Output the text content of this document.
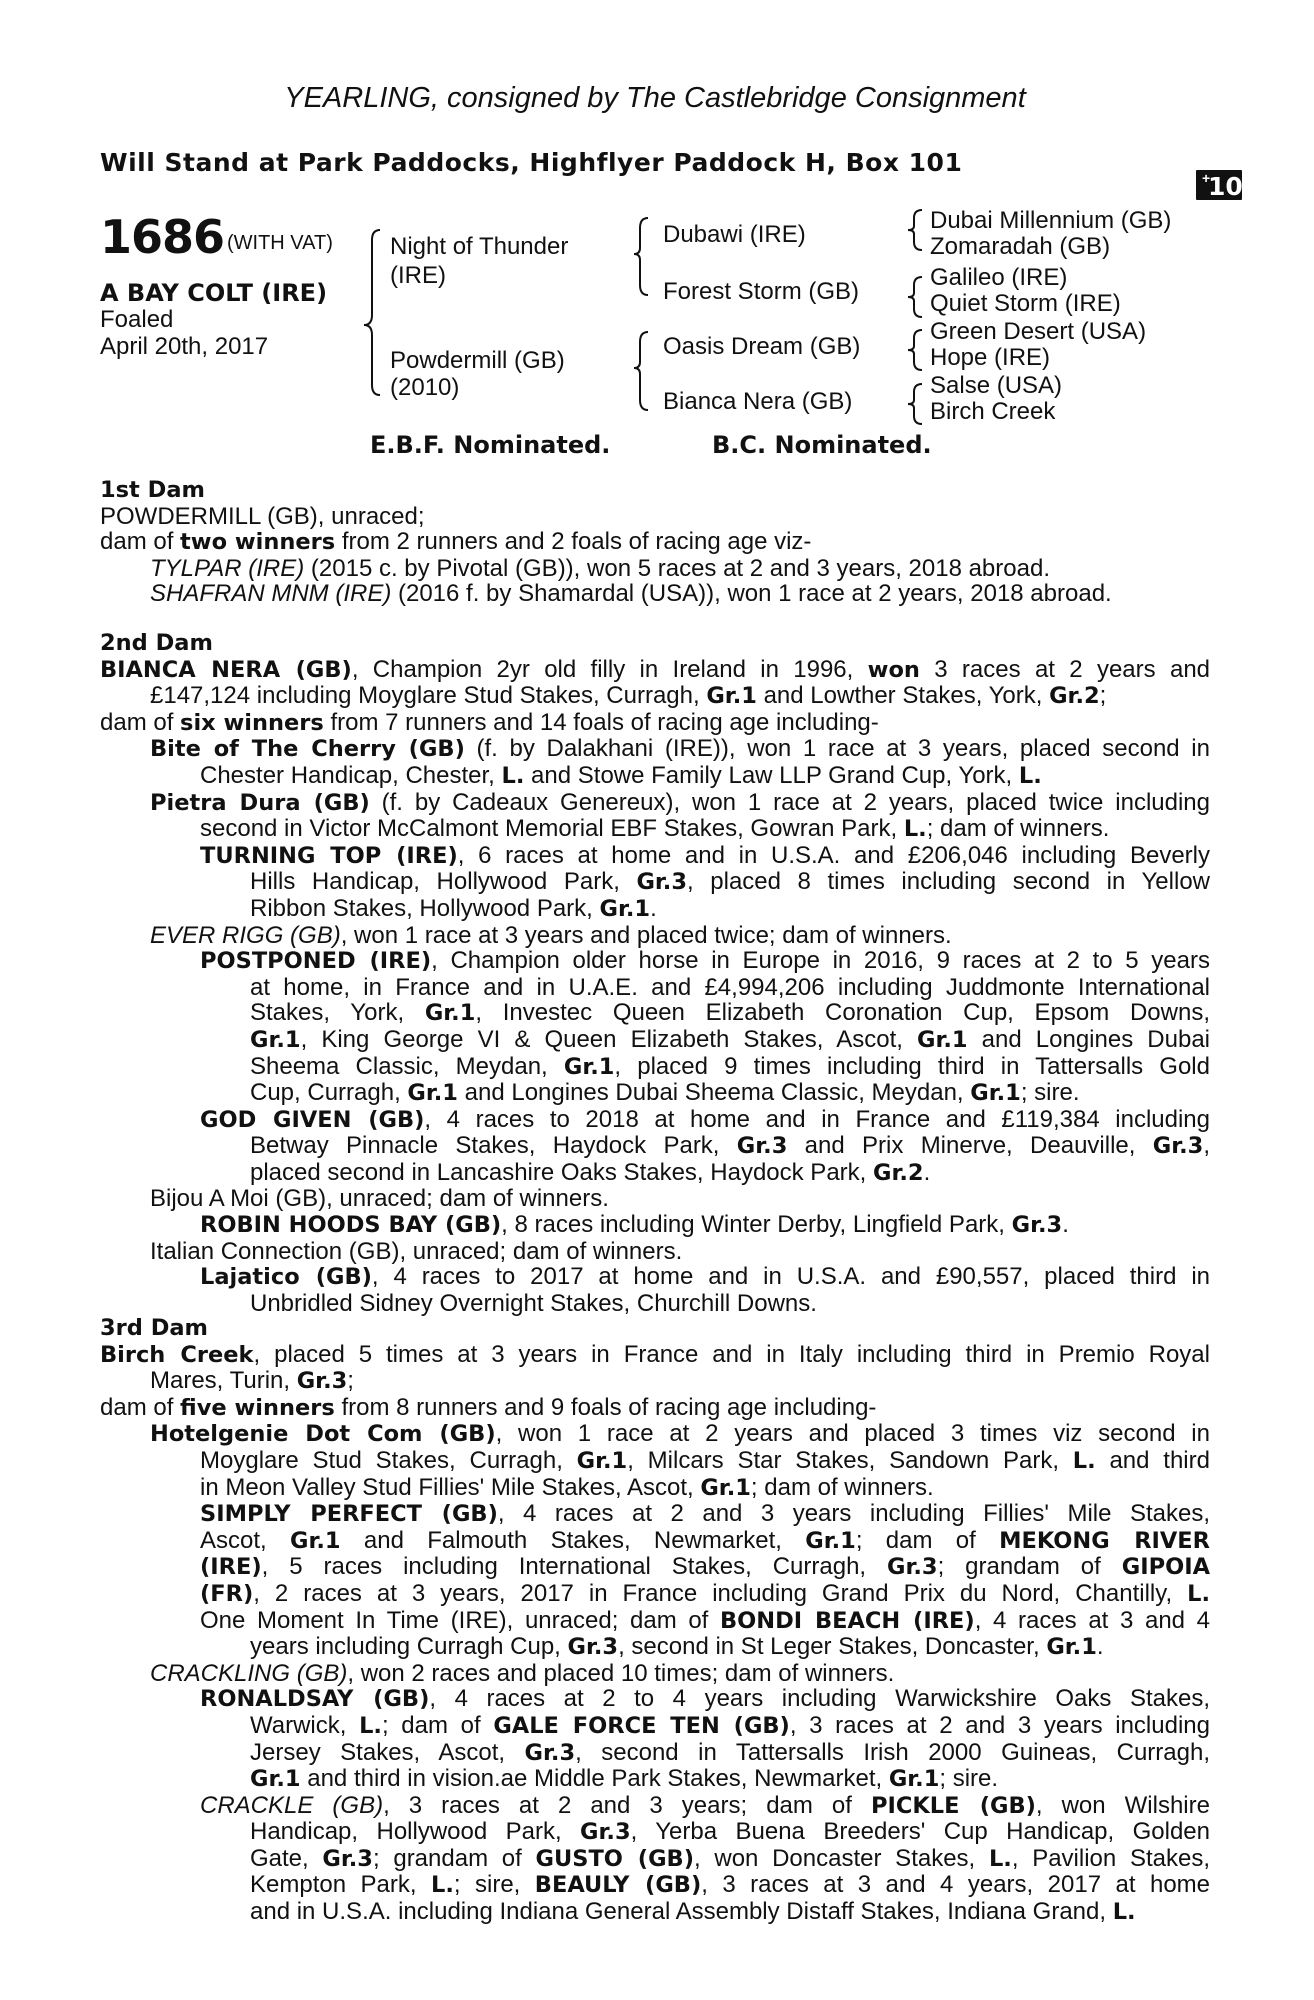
YEARLING, consigned by The Castlebridge Consignment
Will Stand at Park Paddocks, Highflyer Paddock H, Box 101
+
10
1686 (WITH VAT)
A BAY COLT (IRE)
Foaled
April 20th, 2017
Night of Thunder
(IRE)
Powdermill (GB)
(2010)
Dubawi (IRE)
Forest Storm (GB)
Oasis Dream (GB)
Bianca Nera (GB)
Dubai Millennium (GB)
Zomaradah (GB)
Galileo (IRE)
Quiet Storm (IRE)
Green Desert (USA)
Hope (IRE)
Salse (USA)
Birch Creek
E.B.F. Nominated.	B.C. Nominated.
1st Dam
POWDERMILL (GB), unraced;
dam of two winners from 2 runners and 2 foals of racing age viz-
TYLPAR (IRE) (2015 c. by Pivotal (GB)), won 5 races at 2 and 3 years, 2018 abroad.
SHAFRAN MNM (IRE) (2016 f. by Shamardal (USA)), won 1 race at 2 years, 2018 abroad.
2nd Dam
BIANCA NERA (GB), Champion 2yr old filly in Ireland in 1996, won 3 races at 2 years and
£147,124 including Moyglare Stud Stakes, Curragh, Gr.1 and Lowther Stakes, York, Gr.2;
dam of six winners from 7 runners and 14 foals of racing age including-
Bite of The Cherry (GB) (f. by Dalakhani (IRE)), won 1 race at 3 years, placed second in
Chester Handicap, Chester, L. and Stowe Family Law LLP Grand Cup, York, L.
Pietra Dura (GB) (f. by Cadeaux Genereux), won 1 race at 2 years, placed twice including
second in Victor McCalmont Memorial EBF Stakes, Gowran Park, L.; dam of winners.
TURNING TOP (IRE), 6 races at home and in U.S.A. and £206,046 including Beverly
Hills Handicap, Hollywood Park, Gr.3, placed 8 times including second in Yellow
Ribbon Stakes, Hollywood Park, Gr.1.
EVER RIGG (GB), won 1 race at 3 years and placed twice; dam of winners.
POSTPONED (IRE), Champion older horse in Europe in 2016, 9 races at 2 to 5 years
at home, in France and in U.A.E. and £4,994,206 including Juddmonte International
Stakes, York, Gr.1, Investec Queen Elizabeth Coronation Cup, Epsom Downs,
Gr.1, King George VI & Queen Elizabeth Stakes, Ascot, Gr.1 and Longines Dubai
Sheema Classic, Meydan, Gr.1, placed 9 times including third in Tattersalls Gold
Cup, Curragh, Gr.1 and Longines Dubai Sheema Classic, Meydan, Gr.1; sire.
GOD GIVEN (GB), 4 races to 2018 at home and in France and £119,384 including
Betway Pinnacle Stakes, Haydock Park, Gr.3 and Prix Minerve, Deauville, Gr.3,
placed second in Lancashire Oaks Stakes, Haydock Park, Gr.2.
Bijou A Moi (GB), unraced; dam of winners.
ROBIN HOODS BAY (GB), 8 races including Winter Derby, Lingfield Park, Gr.3.
Italian Connection (GB), unraced; dam of winners.
Lajatico (GB), 4 races to 2017 at home and in U.S.A. and £90,557, placed third in
Unbridled Sidney Overnight Stakes, Churchill Downs.
3rd Dam
Birch Creek, placed 5 times at 3 years in France and in Italy including third in Premio Royal
Mares, Turin, Gr.3;
dam of five winners from 8 runners and 9 foals of racing age including-
Hotelgenie Dot Com (GB), won 1 race at 2 years and placed 3 times viz second in
Moyglare Stud Stakes, Curragh, Gr.1, Milcars Star Stakes, Sandown Park, L. and third
in Meon Valley Stud Fillies' Mile Stakes, Ascot, Gr.1; dam of winners.
SIMPLY PERFECT (GB), 4 races at 2 and 3 years including Fillies' Mile Stakes,
Ascot, Gr.1 and Falmouth Stakes, Newmarket, Gr.1; dam of MEKONG RIVER
(IRE), 5 races including International Stakes, Curragh, Gr.3; grandam of GIPOIA
(FR), 2 races at 3 years, 2017 in France including Grand Prix du Nord, Chantilly, L.
One Moment In Time (IRE), unraced; dam of BONDI BEACH (IRE), 4 races at 3 and 4
years including Curragh Cup, Gr.3, second in St Leger Stakes, Doncaster, Gr.1.
CRACKLING (GB), won 2 races and placed 10 times; dam of winners.
RONALDSAY (GB), 4 races at 2 to 4 years including Warwickshire Oaks Stakes,
Warwick, L.; dam of GALE FORCE TEN (GB), 3 races at 2 and 3 years including
Jersey Stakes, Ascot, Gr.3, second in Tattersalls Irish 2000 Guineas, Curragh,
Gr.1 and third in vision.ae Middle Park Stakes, Newmarket, Gr.1; sire.
CRACKLE (GB), 3 races at 2 and 3 years; dam of PICKLE (GB), won Wilshire
Handicap, Hollywood Park, Gr.3, Yerba Buena Breeders' Cup Handicap, Golden
Gate, Gr.3; grandam of GUSTO (GB), won Doncaster Stakes, L., Pavilion Stakes,
Kempton Park, L.; sire, BEAULY (GB), 3 races at 3 and 4 years, 2017 at home
and in U.S.A. including Indiana General Assembly Distaff Stakes, Indiana Grand, L.
